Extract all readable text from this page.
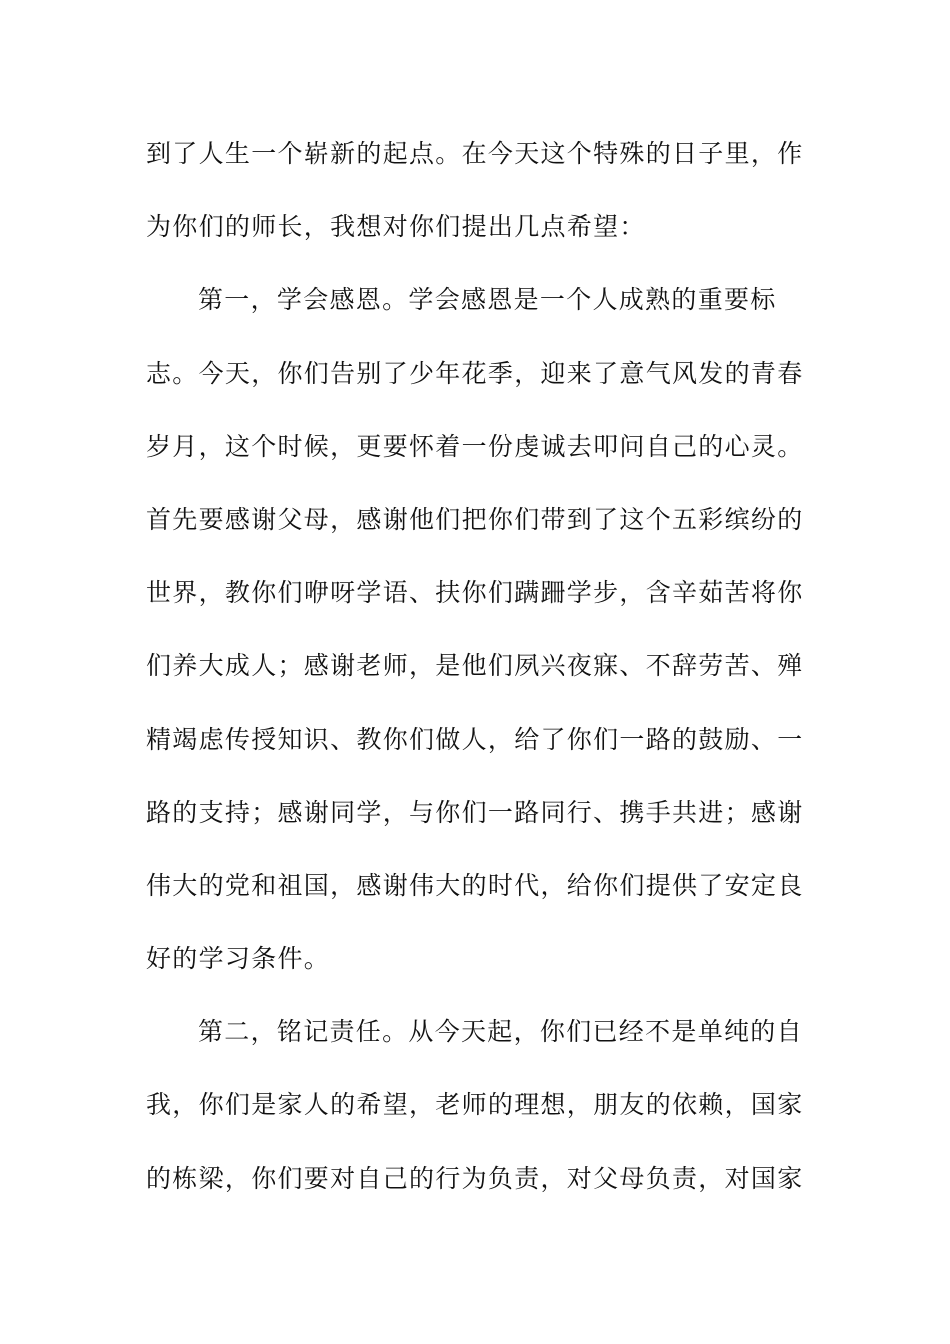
到了人生一个崭新的起点。在今天这个特殊的日子里，作
为你们的师长，我想对你们提出几点希望：
第一，学会感恩。学会感恩是一个人成熟的重要标
志。今天，你们告别了少年花季，迎来了意气风发的青春
岁月，这个时候，更要怀着一份虔诚去叩问自己的心灵。
首先要感谢父母，感谢他们把你们带到了这个五彩缤纷的
世界，教你们咿呀学语、扶你们蹒跚学步，含辛茹苦将你
们养大成人；感谢老师，是他们夙兴夜寐、不辞劳苦、殚
精竭虑传授知识、教你们做人，给了你们一路的鼓励、一
路的支持；感谢同学，与你们一路同行、携手共进；感谢
伟大的党和祖国，感谢伟大的时代，给你们提供了安定良
好的学习条件。
第二，铭记责任。从今天起，你们已经不是单纯的自
我，你们是家人的希望，老师的理想，朋友的依赖，国家
的栋梁，你们要对自己的行为负责，对父母负责，对国家
